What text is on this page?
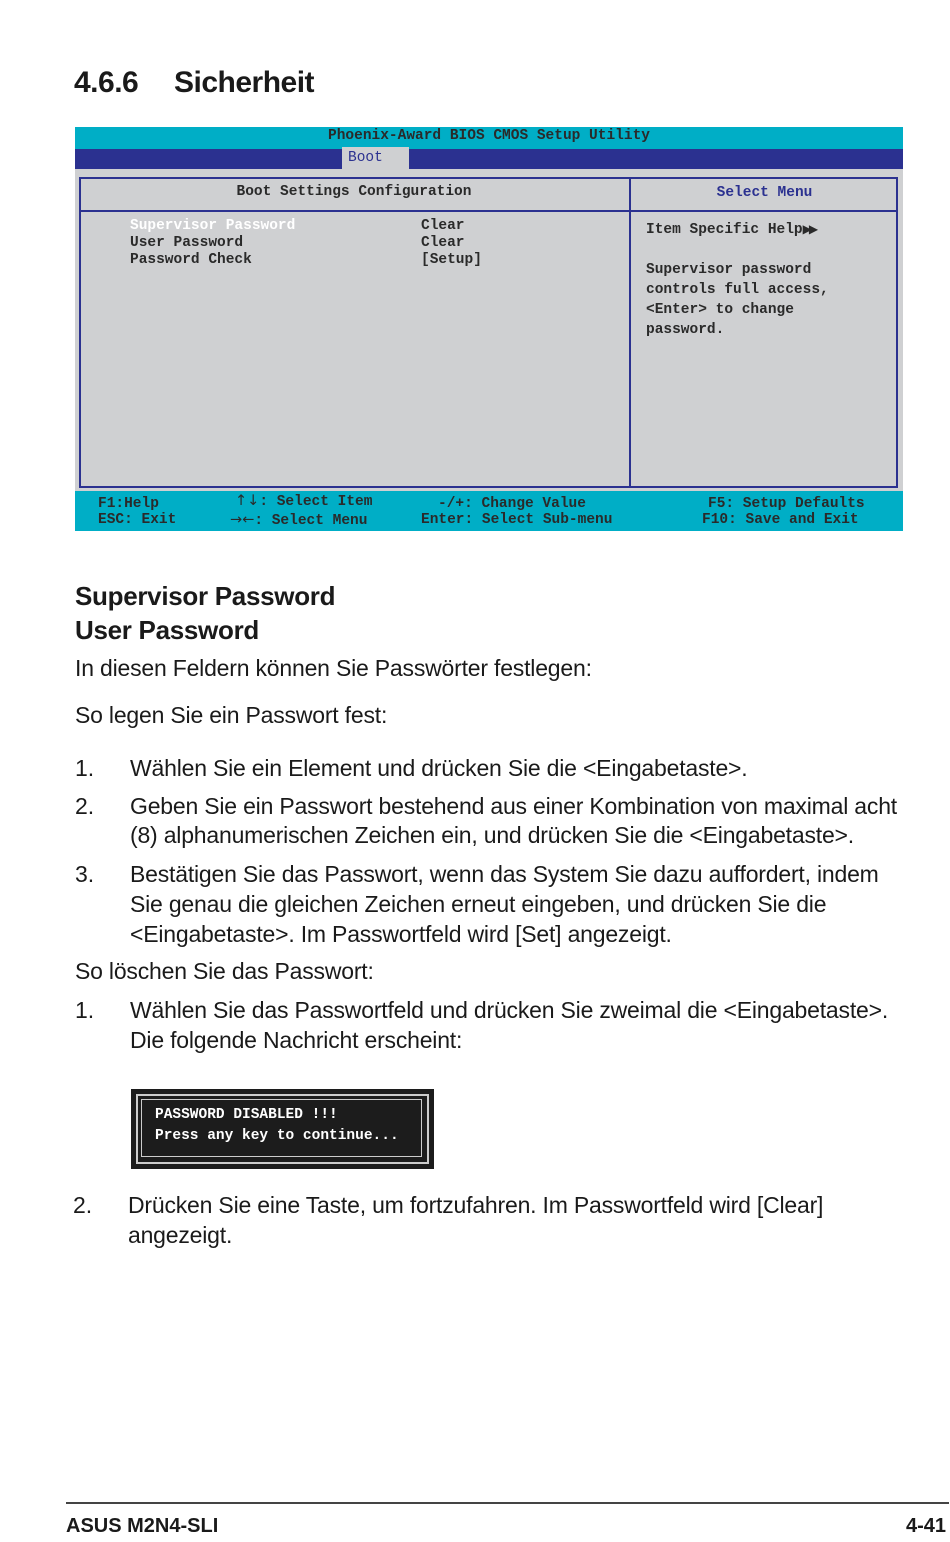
4.6.6 Sicherheit
Phoenix-Award BIOS CMOS Setup Utility
Boot
Boot Settings Configuration	Select Menu
Supervisor Password	Clear
User Password	Clear
Password Check	[Setup]
Item Specific Help▶▶
Supervisor password
controls full access,
<Enter> to change
password.
F1:Help
ESC: Exit
↑↓: Select Item
→←: Select Menu
-/+: Change Value
Enter: Select Sub-menu
F5: Setup Defaults
F10: Save and Exit
Supervisor Password
User Password
In diesen Feldern können Sie Passwörter festlegen:
So legen Sie ein Passwort fest:
1. Wählen Sie ein Element und drücken Sie die <Eingabetaste>.
2. Geben Sie ein Passwort bestehend aus einer Kombination von maximal acht
(8) alphanumerischen Zeichen ein, und drücken Sie die <Eingabetaste>.
3. Bestätigen Sie das Passwort, wenn das System Sie dazu auffordert, indem
Sie genau die gleichen Zeichen erneut eingeben, und drücken Sie die
<Eingabetaste>. Im Passwortfeld wird [Set] angezeigt.
So löschen Sie das Passwort:
1. Wählen Sie das Passwortfeld und drücken Sie zweimal die <Eingabetaste>.
Die folgende Nachricht erscheint:
PASSWORD DISABLED !!!
Press any key to continue...
2. Drücken Sie eine Taste, um fortzufahren. Im Passwortfeld wird [Clear]
angezeigt.
ASUS M2N4-SLI	4-41
